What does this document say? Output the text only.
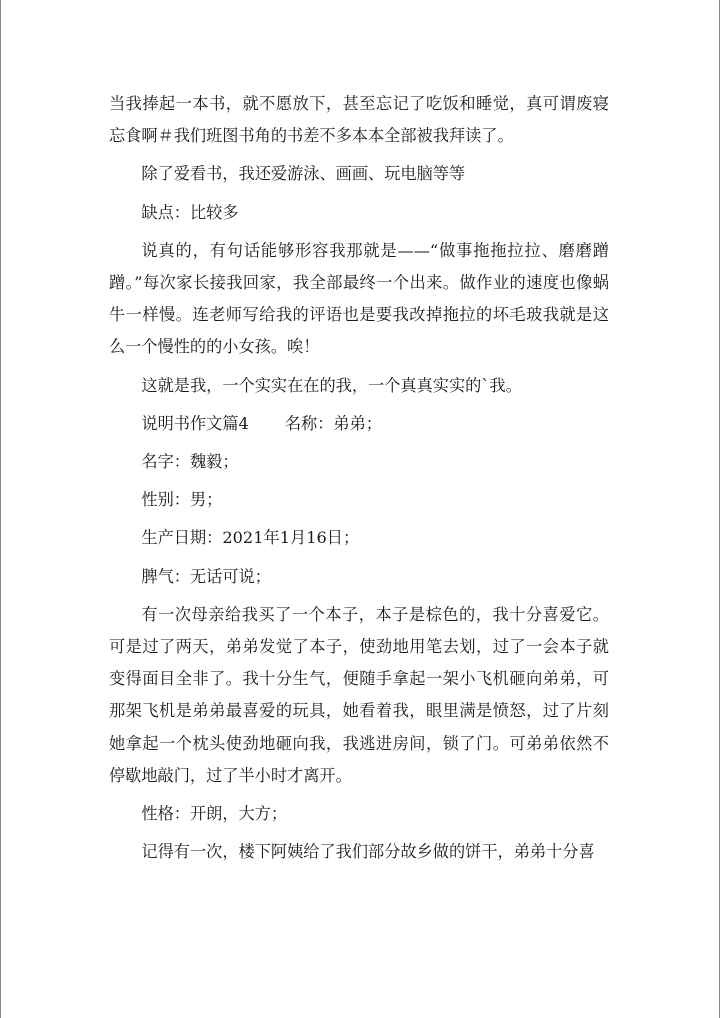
当我捧起一本书，就不愿放下，甚至忘记了吃饭和睡觉，真可谓废寝忘食啊＃我们班图书角的书差不多本本全部被我拜读了。

除了爱看书，我还爱游泳、画画、玩电脑等等

缺点：比较多

说真的，有句话能够形容我那就是——“做事拖拖拉拉、磨磨蹭蹭。”每次家长接我回家，我全部最终一个出来。做作业的速度也像蜗牛一样慢。连老师写给我的评语也是要我改掉拖拉的坏毛玻我就是这么一个慢性的的小女孩。唉！

这就是我，一个实实在在的我，一个真真实实的`我。

说明书作文篇4 名称：弟弟；

名字：魏毅；

性别：男；

生产日期：2021年1月16日；

脾气：无话可说；

有一次母亲给我买了一个本子，本子是棕色的，我十分喜爱它。可是过了两天，弟弟发觉了本子，使劲地用笔去划，过了一会本子就变得面目全非了。我十分生气，便随手拿起一架小飞机砸向弟弟，可那架飞机是弟弟最喜爱的玩具，她看着我，眼里满是愤怒，过了片刻她拿起一个枕头使劲地砸向我，我逃进房间，锁了门。可弟弟依然不停歇地敲门，过了半小时才离开。

性格：开朗，大方；

记得有一次，楼下阿姨给了我们部分故乡做的饼干，弟弟十分喜
